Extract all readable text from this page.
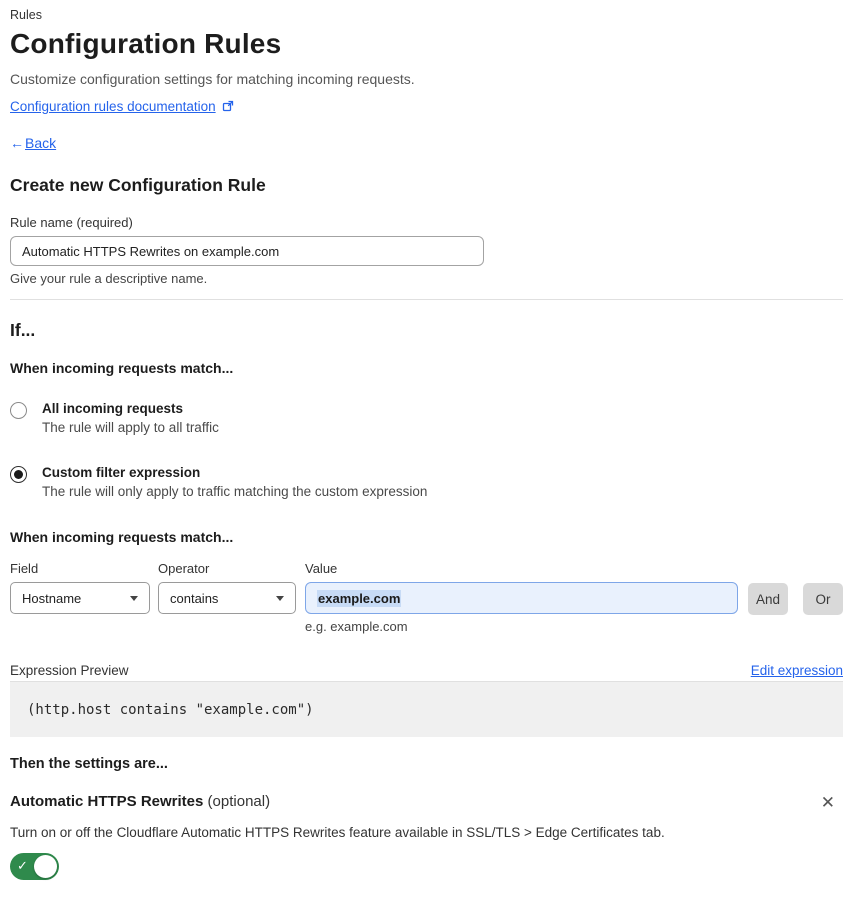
Rules
Configuration Rules
Customize configuration settings for matching incoming requests.
Configuration rules documentation
←Back
Create new Configuration Rule
Rule name (required)
Automatic HTTPS Rewrites on example.com
Give your rule a descriptive name.
If...
When incoming requests match...
All incoming requests
The rule will apply to all traffic
Custom filter expression
The rule will only apply to traffic matching the custom expression
When incoming requests match...
Field
Hostname
Operator
contains
Value
example.com
e.g. example.com
And	Or
Expression Preview	Edit expression
(http.host contains "example.com")
Then the settings are...
Automatic HTTPS Rewrites (optional)	✕
Turn on or off the Cloudflare Automatic HTTPS Rewrites feature available in SSL/TLS > Edge Certificates tab.
✓
